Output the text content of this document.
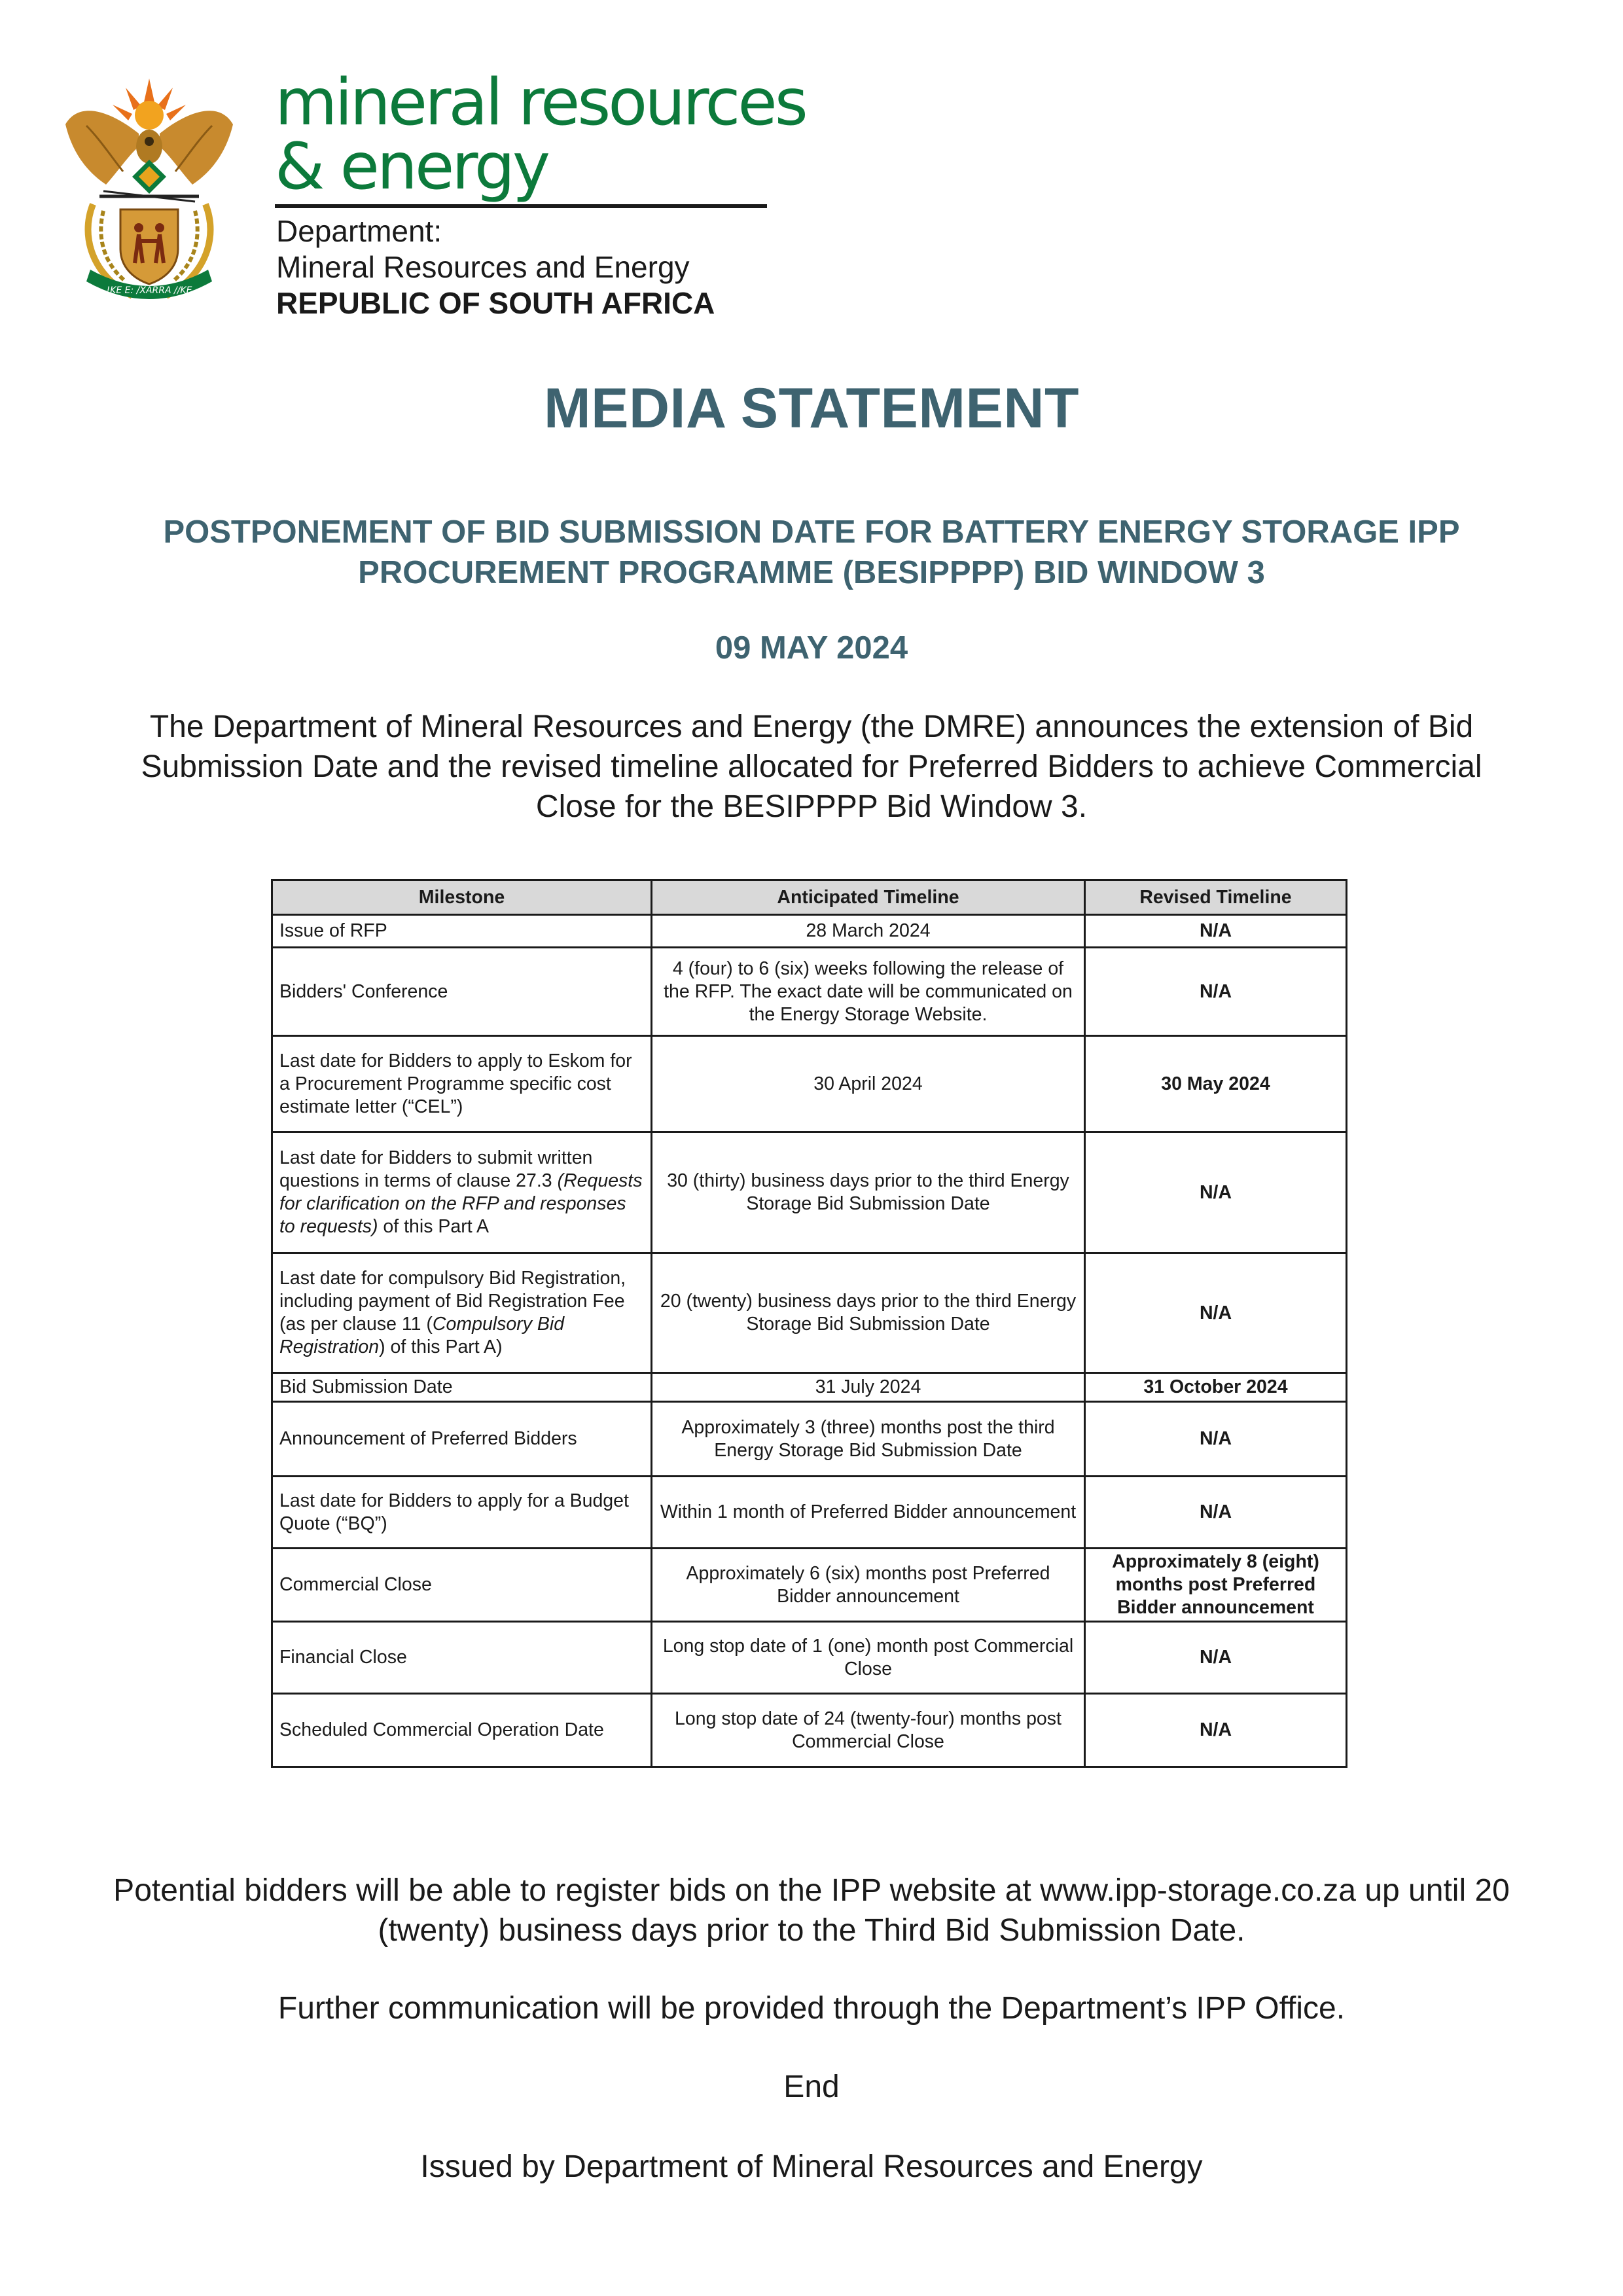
!KE E: /XARRA //KE
mineral resources
& energy
Department:
Mineral Resources and Energy
REPUBLIC OF SOUTH AFRICA
MEDIA STATEMENT
POSTPONEMENT OF BID SUBMISSION DATE FOR BATTERY ENERGY STORAGE IPP PROCUREMENT PROGRAMME (BESIPPPP) BID WINDOW 3
09 MAY 2024
The Department of Mineral Resources and Energy (the DMRE) announces the extension of Bid Submission Date and the revised timeline allocated for Preferred Bidders to achieve Commercial Close for the BESIPPPP Bid Window 3.
Milestone	Anticipated Timeline	Revised Timeline
Issue of RFP	28 March 2024	N/A
Bidders' Conference	4 (four) to 6 (six) weeks following the release of the RFP. The exact date will be communicated on the Energy Storage Website.	N/A
Last date for Bidders to apply to Eskom for a Procurement Programme specific cost estimate letter (“CEL”)	30 April 2024	30 May 2024
Last date for Bidders to submit written questions in terms of clause 27.3 (Requests for clarification on the RFP and responses to requests) of this Part A	30 (thirty) business days prior to the third Energy Storage Bid Submission Date	N/A
Last date for compulsory Bid Registration, including payment of Bid Registration Fee (as per clause 11 (Compulsory Bid Registration) of this Part A)	20 (twenty) business days prior to the third Energy Storage Bid Submission Date	N/A
Bid Submission Date	31 July 2024	31 October 2024
Announcement of Preferred Bidders	Approximately 3 (three) months post the third Energy Storage Bid Submission Date	N/A
Last date for Bidders to apply for a Budget Quote (“BQ”)	Within 1 month of Preferred Bidder announcement	N/A
Commercial Close	Approximately 6 (six) months post Preferred Bidder announcement	Approximately 8 (eight) months post Preferred Bidder announcement
Financial Close	Long stop date of 1 (one) month post Commercial Close	N/A
Scheduled Commercial Operation Date	Long stop date of 24 (twenty-four) months post Commercial Close	N/A
Potential bidders will be able to register bids on the IPP website at www.ipp-storage.co.za up until 20 (twenty) business days prior to the Third Bid Submission Date.
Further communication will be provided through the Department’s IPP Office.
End
Issued by Department of Mineral Resources and Energy
